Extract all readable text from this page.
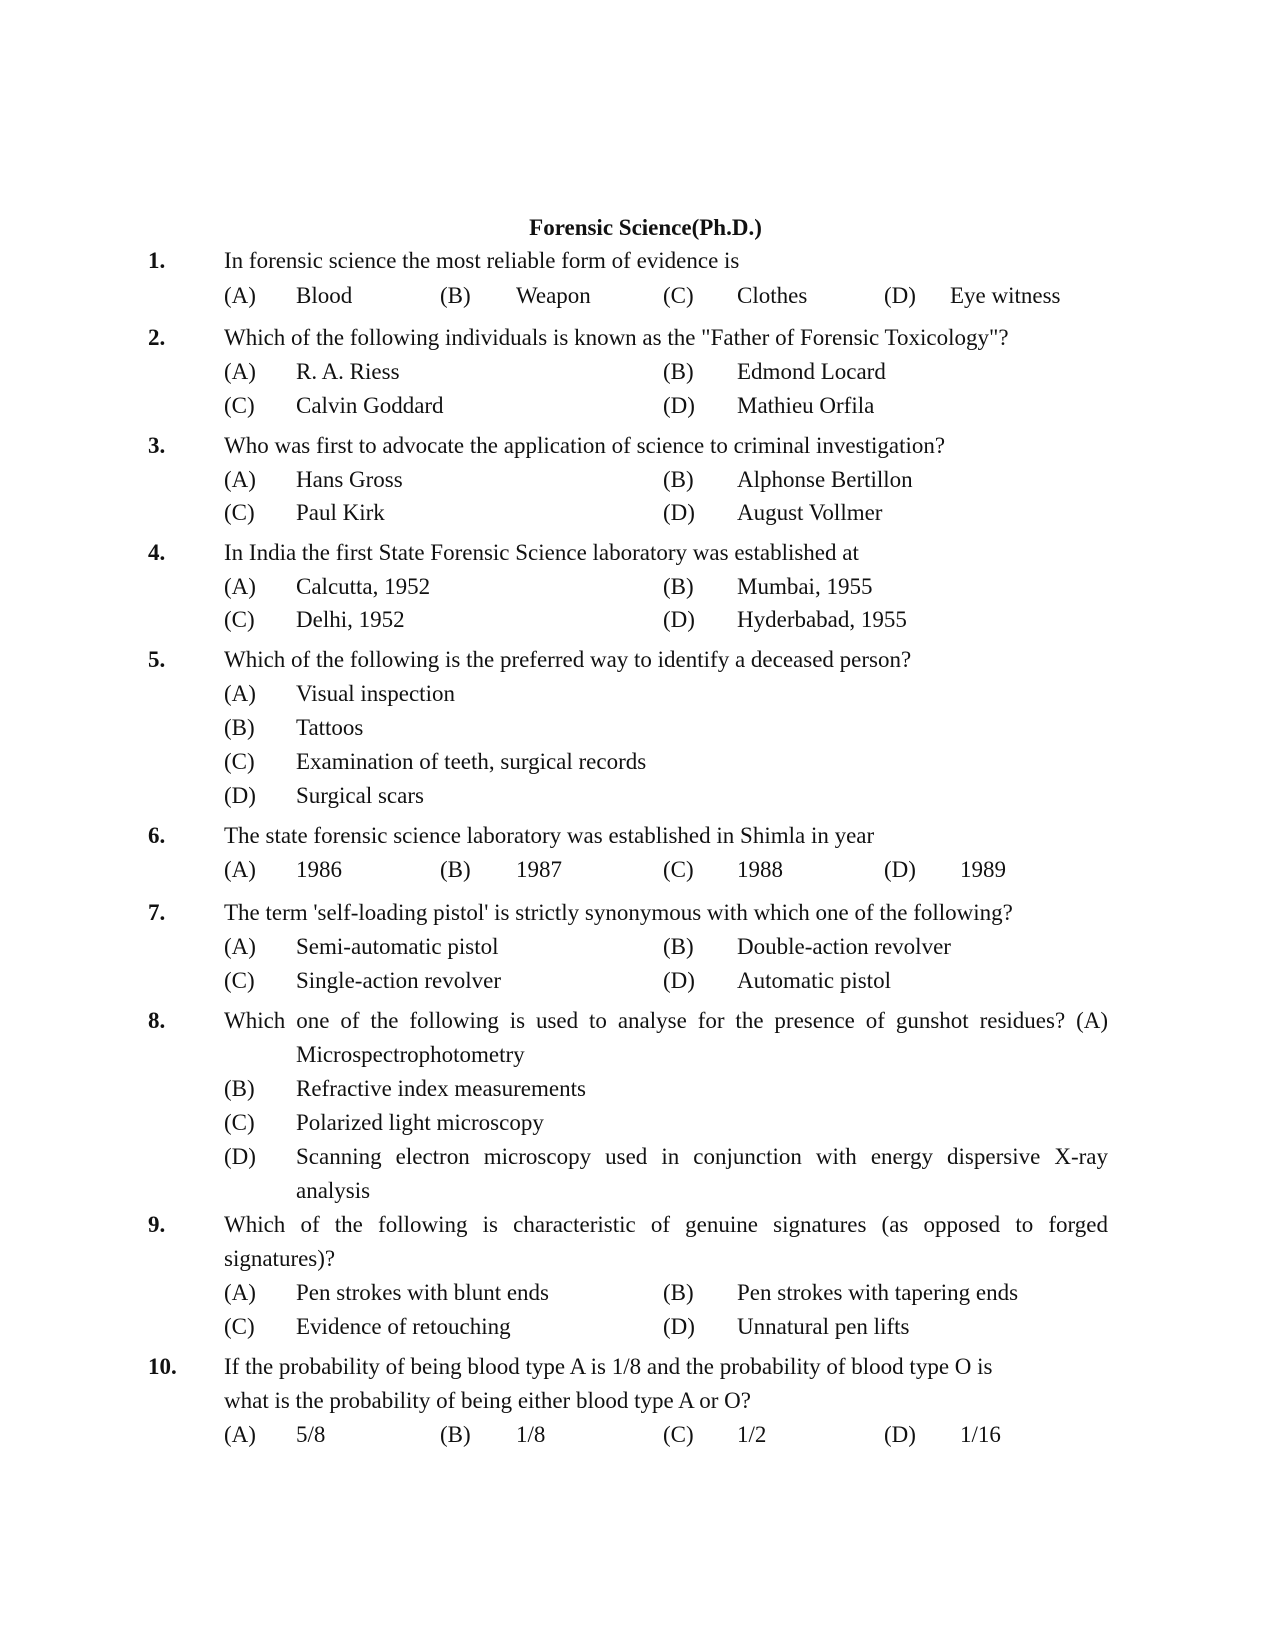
Forensic Science(Ph.D.)
1.	In forensic science the most reliable form of evidence is
(A) Blood	(B) Weapon	(C) Clothes	(D) Eye witness
2.	Which of the following individuals is known as the "Father of Forensic Toxicology"?
(A) R. A. Riess	(B) Edmond Locard
(C) Calvin Goddard	(D) Mathieu Orfila
3.	Who was first to advocate the application of science to criminal investigation?
(A) Hans Gross	(B) Alphonse Bertillon
(C) Paul Kirk	(D) August Vollmer
4.	In India the first State Forensic Science laboratory was established at
(A) Calcutta, 1952	(B) Mumbai, 1955
(C) Delhi, 1952	(D) Hyderbabad, 1955
5.	Which of the following is the preferred way to identify a deceased person?
(A) Visual inspection
(B) Tattoos
(C) Examination of teeth, surgical records
(D) Surgical scars
6.	The state forensic science laboratory was established in Shimla in year
(A) 1986	(B) 1987	(C) 1988	(D) 1989
7.	The term 'self-loading pistol' is strictly synonymous with which one of the following?
(A) Semi-automatic pistol	(B) Double-action revolver
(C) Single-action revolver	(D) Automatic pistol
8.	Which one of the following is used to analyse for the presence of gunshot residues? (A)
Microspectrophotometry
(B) Refractive index measurements
(C) Polarized light microscopy
(D) Scanning electron microscopy used in conjunction with energy dispersive X-ray
analysis
9.	Which of the following is characteristic of genuine signatures (as opposed to forged
signatures)?
(A) Pen strokes with blunt ends	(B) Pen strokes with tapering ends
(C) Evidence of retouching	(D) Unnatural pen lifts
10. If the probability of being blood type A is 1/8 and the probability of blood type O is
what is the probability of being either blood type A or O?
(A) 5/8	(B) 1/8	(C) 1/2	(D) 1/16
